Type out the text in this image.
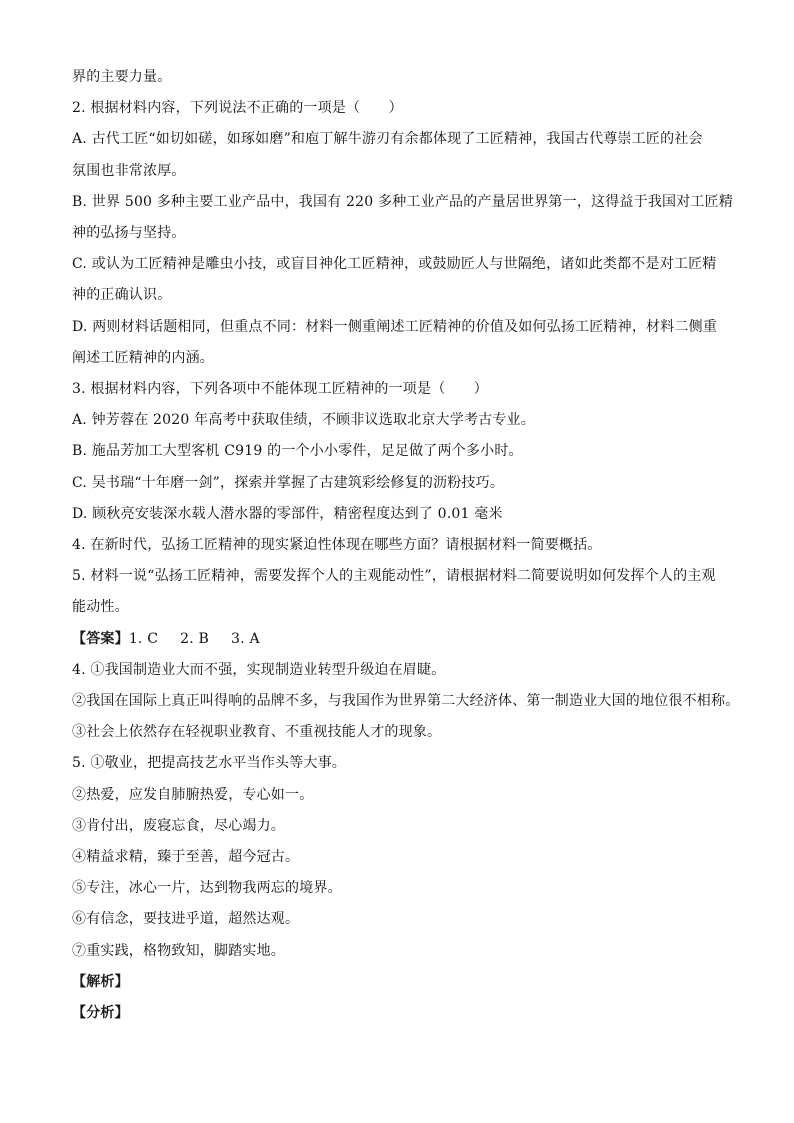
界的主要力量。
2. 根据材料内容，下列说法不正确的一项是（　　）
A. 古代工匠“如切如磋，如琢如磨”和庖丁解牛游刃有余都体现了工匠精神，我国古代尊崇工匠的社会
氛围也非常浓厚。
B. 世界 500 多种主要工业产品中，我国有 220 多种工业产品的产量居世界第一，这得益于我国对工匠精
神的弘扬与坚持。
C. 或认为工匠精神是雕虫小技，或盲目神化工匠精神，或鼓励匠人与世隔绝，诸如此类都不是对工匠精
神的正确认识。
D. 两则材料话题相同，但重点不同：材料一侧重阐述工匠精神的价值及如何弘扬工匠精神，材料二侧重
阐述工匠精神的内涵。
3. 根据材料内容，下列各项中不能体现工匠精神的一项是（　　）
A. 钟芳蓉在 2020 年高考中获取佳绩，不顾非议选取北京大学考古专业。
B. 施品芳加工大型客机 C919 的一个小小零件，足足做了两个多小时。
C. 吴书瑞“十年磨一剑”，探索并掌握了古建筑彩绘修复的沥粉技巧。
D. 顾秋亮安装深水载人潜水器的零部件，精密程度达到了 0.01 毫米
4. 在新时代，弘扬工匠精神的现实紧迫性体现在哪些方面？请根据材料一简要概括。
5. 材料一说“弘扬工匠精神，需要发挥个人的主观能动性”，请根据材料二简要说明如何发挥个人的主观
能动性。
【答案】1. C 2. B 3. A
4. ①我国制造业大而不强，实现制造业转型升级迫在眉睫。
②我国在国际上真正叫得响的品牌不多，与我国作为世界第二大经济体、第一制造业大国的地位很不相称。
③社会上依然存在轻视职业教育、不重视技能人才的现象。
5. ①敬业，把提高技艺水平当作头等大事。
②热爱，应发自肺腑热爱，专心如一。
③肯付出，废寝忘食，尽心竭力。
④精益求精，臻于至善，超今冠古。
⑤专注，冰心一片，达到物我两忘的境界。
⑥有信念，要技进乎道，超然达观。
⑦重实践，格物致知，脚踏实地。
【解析】
【分析】
